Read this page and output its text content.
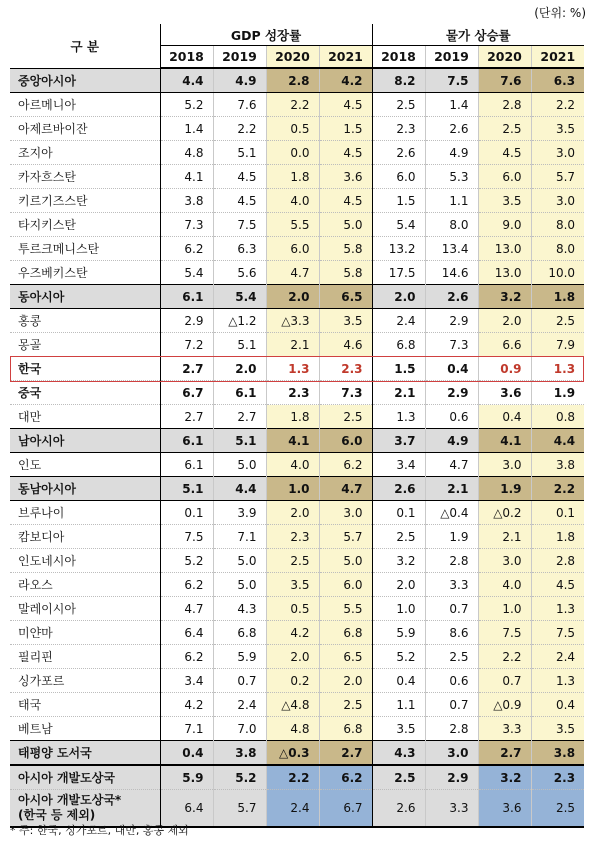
(단위: %)
구 분	GDP 성장률				물가 상승률			
	2018	2019	2020	2021	2018	2019	2020	2021
중앙아시아	4.4	4.9	2.8	4.2	8.2	7.5	7.6	6.3
아르메니아	5.2	7.6	2.2	4.5	2.5	1.4	2.8	2.2
아제르바이잔	1.4	2.2	0.5	1.5	2.3	2.6	2.5	3.5
조지아	4.8	5.1	0.0	4.5	2.6	4.9	4.5	3.0
카자흐스탄	4.1	4.5	1.8	3.6	6.0	5.3	6.0	5.7
키르기즈스탄	3.8	4.5	4.0	4.5	1.5	1.1	3.5	3.0
타지키스탄	7.3	7.5	5.5	5.0	5.4	8.0	9.0	8.0
투르크메니스탄	6.2	6.3	6.0	5.8	13.2	13.4	13.0	8.0
우즈베키스탄	5.4	5.6	4.7	5.8	17.5	14.6	13.0	10.0
동아시아	6.1	5.4	2.0	6.5	2.0	2.6	3.2	1.8
홍콩	2.9	△1.2	△3.3	3.5	2.4	2.9	2.0	2.5
몽골	7.2	5.1	2.1	4.6	6.8	7.3	6.6	7.9
한국	2.7	2.0	1.3	2.3	1.5	0.4	0.9	1.3
중국	6.7	6.1	2.3	7.3	2.1	2.9	3.6	1.9
대만	2.7	2.7	1.8	2.5	1.3	0.6	0.4	0.8
남아시아	6.1	5.1	4.1	6.0	3.7	4.9	4.1	4.4
인도	6.1	5.0	4.0	6.2	3.4	4.7	3.0	3.8
동남아시아	5.1	4.4	1.0	4.7	2.6	2.1	1.9	2.2
브루나이	0.1	3.9	2.0	3.0	0.1	△0.4	△0.2	0.1
캄보디아	7.5	7.1	2.3	5.7	2.5	1.9	2.1	1.8
인도네시아	5.2	5.0	2.5	5.0	3.2	2.8	3.0	2.8
라오스	6.2	5.0	3.5	6.0	2.0	3.3	4.0	4.5
말레이시아	4.7	4.3	0.5	5.5	1.0	0.7	1.0	1.3
미얀마	6.4	6.8	4.2	6.8	5.9	8.6	7.5	7.5
필리핀	6.2	5.9	2.0	6.5	5.2	2.5	2.2	2.4
싱가포르	3.4	0.7	0.2	2.0	0.4	0.6	0.7	1.3
태국	4.2	2.4	△4.8	2.5	1.1	0.7	△0.9	0.4
베트남	7.1	7.0	4.8	6.8	3.5	2.8	3.3	3.5
태평양 도서국	0.4	3.8	△0.3	2.7	4.3	3.0	2.7	3.8
아시아 개발도상국	5.9	5.2	2.2	6.2	2.5	2.9	3.2	2.3

아시아 개발도상국*
(한국 등 제외)	6.4	5.7	2.4	6.7	2.6	3.3	3.6	2.5
* 주: 한국, 싱가포르, 대만, 홍콩 제외
